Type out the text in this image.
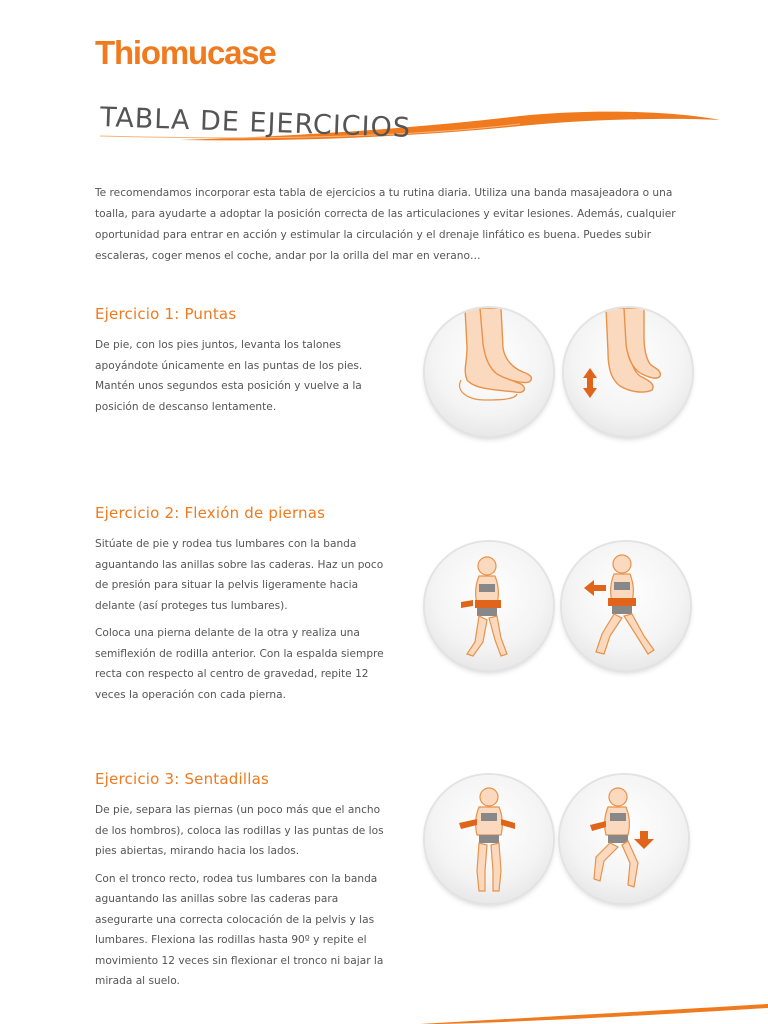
Thiomucase
TABLA DE EJERCICIOS
Te recomendamos incorporar esta tabla de ejercicios a tu rutina diaria. Utiliza una banda masajeadora o una toalla, para ayudarte a adoptar la posición correcta de las articulaciones y evitar lesiones. Además, cualquier oportunidad para entrar en acción y estimular la circulación y el drenaje linfático es buena. Puedes subir escaleras, coger menos el coche, andar por la orilla del mar en verano…
Ejercicio 1: Puntas

De pie, con los pies juntos, levanta los talones apoyándote únicamente en las puntas de los pies. Mantén unos segundos esta posición y vuelve a la posición de descanso lentamente.

Ejercicio 2: Flexión de piernas

Sitúate de pie y rodea tus lumbares con la banda aguantando las anillas sobre las caderas. Haz un poco de presión para situar la pelvis ligeramente hacia delante (así proteges tus lumbares).

Coloca una pierna delante de la otra y realiza una semiflexión de rodilla anterior. Con la espalda siempre recta con respecto al centro de gravedad, repite 12 veces la operación con cada pierna.

Ejercicio 3: Sentadillas

De pie, separa las piernas (un poco más que el ancho de los hombros), coloca las rodillas y las puntas de los pies abiertas, mirando hacia los lados.

Con el tronco recto, rodea tus lumbares con la banda aguantando las anillas sobre las caderas para asegurarte una correcta colocación de la pelvis y las lumbares. Flexiona las rodillas hasta 90º y repite el movimiento 12 veces sin flexionar el tronco ni bajar la mirada al suelo.
